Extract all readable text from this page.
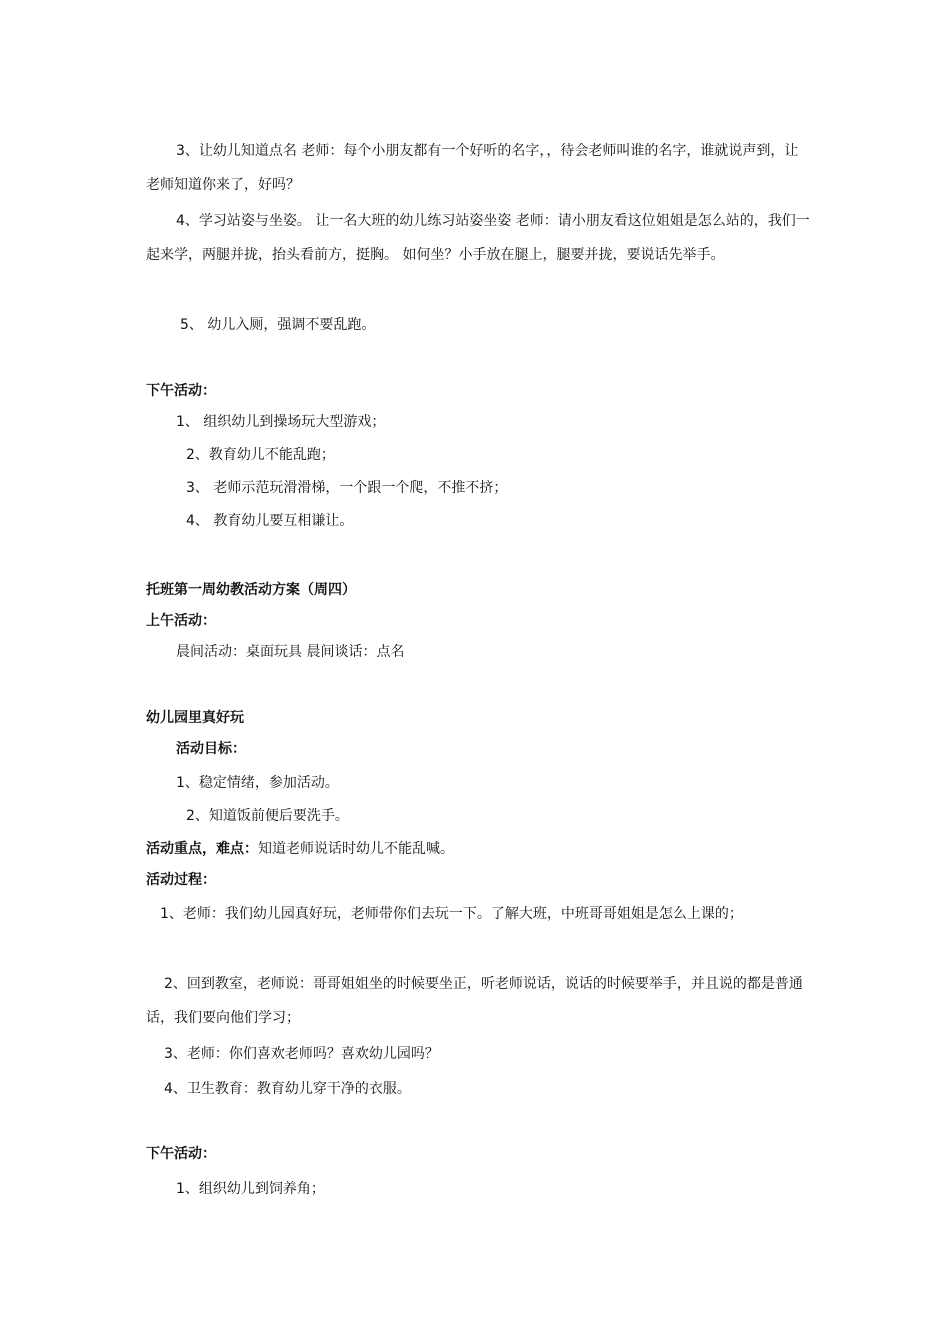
3、让幼儿知道点名 老师：每个小朋友都有一个好听的名字，，待会老师叫谁的名字，谁就说声到，让老师知道你来了，好吗？

4、学习站姿与坐姿。 让一名大班的幼儿练习站姿坐姿 老师：请小朋友看这位姐姐是怎么站的，我们一起来学，两腿并拢，抬头看前方，挺胸。 如何坐？小手放在腿上，腿要并拢，要说话先举手。

5、 幼儿入厕，强调不要乱跑。

下午活动：

1、 组织幼儿到操场玩大型游戏；

2、教育幼儿不能乱跑；

3、 老师示范玩滑滑梯，一个跟一个爬，不推不挤；

4、 教育幼儿要互相谦让。

托班第一周幼教活动方案（周四）

上午活动：

晨间活动：桌面玩具 晨间谈话：点名

幼儿园里真好玩

活动目标：

1、稳定情绪，参加活动。

2、知道饭前便后要洗手。

活动重点，难点：知道老师说话时幼儿不能乱喊。

活动过程：

1、老师：我们幼儿园真好玩，老师带你们去玩一下。了解大班，中班哥哥姐姐是怎么上课的；

2、回到教室，老师说：哥哥姐姐坐的时候要坐正，听老师说话，说话的时候要举手，并且说的都是普通话，我们要向他们学习；

3、老师：你们喜欢老师吗？喜欢幼儿园吗？

4、卫生教育：教育幼儿穿干净的衣服。

下午活动：

1、组织幼儿到饲养角；
